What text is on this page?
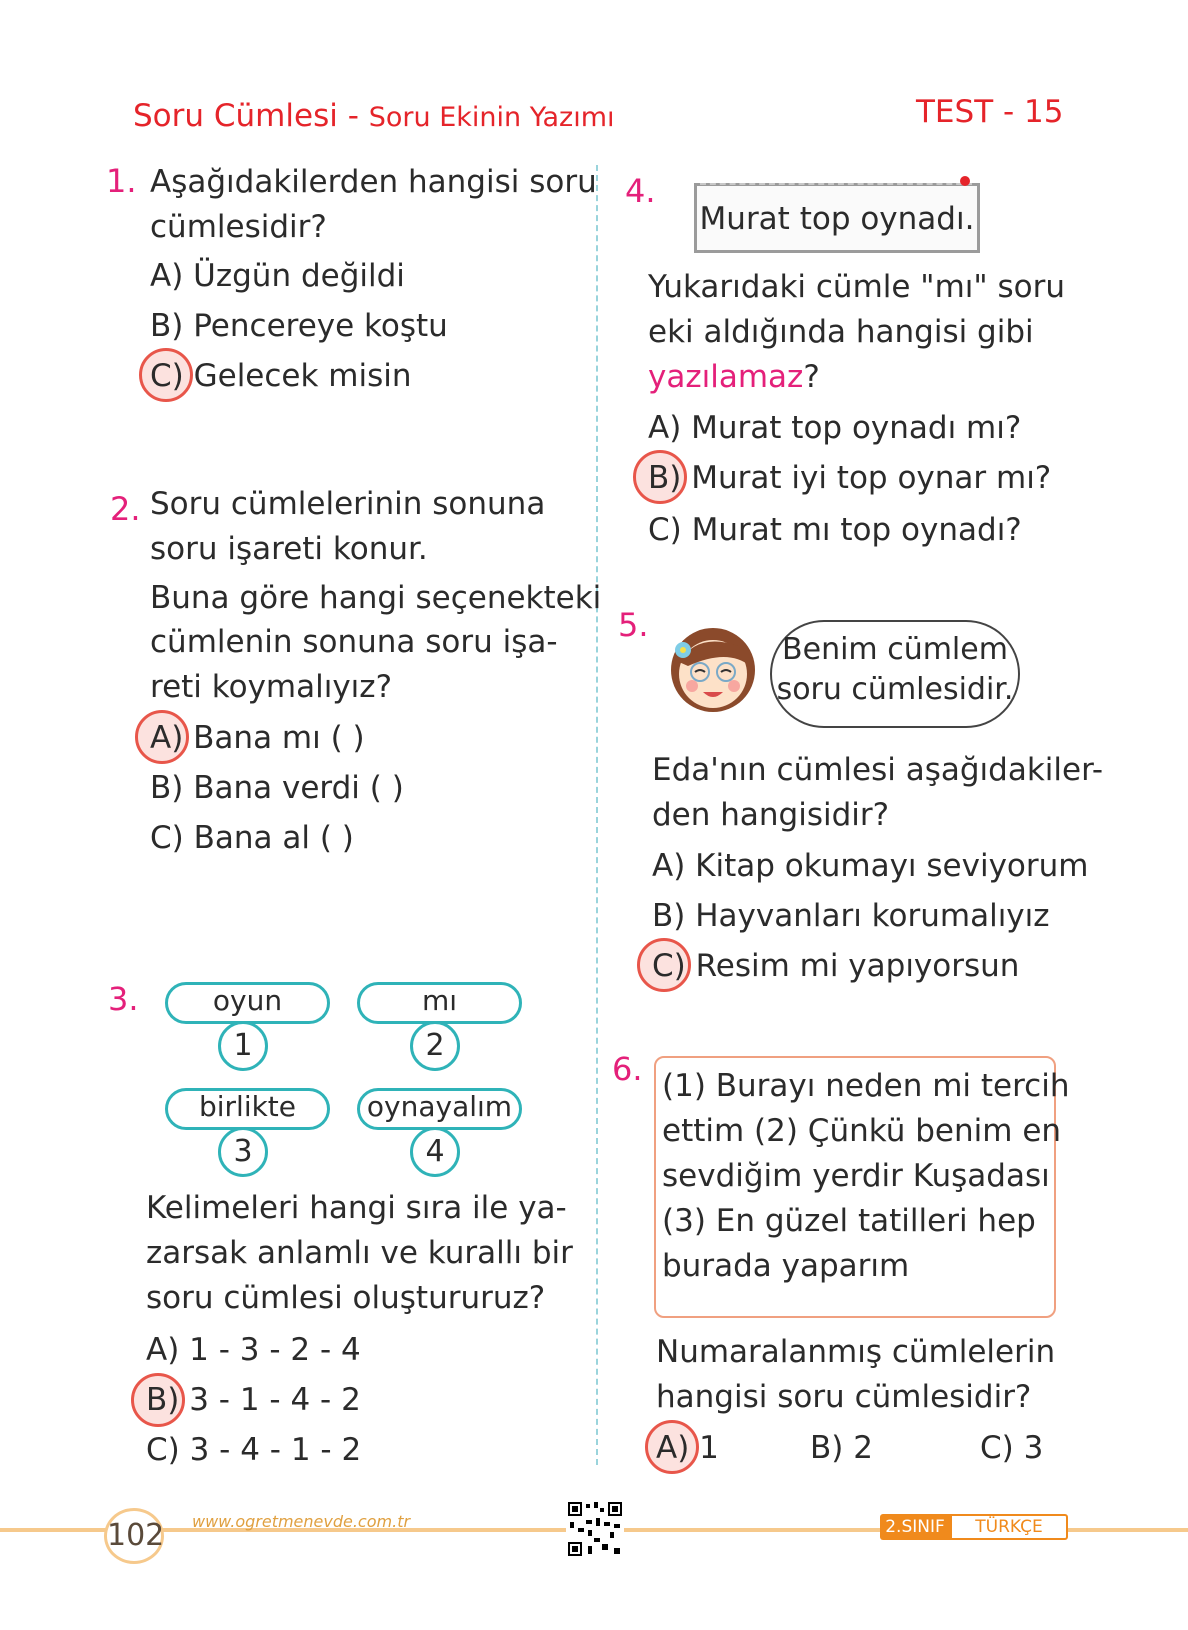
Soru Cümlesi - Soru Ekinin Yazımı	TEST - 15
1. Aşağıdakilerden hangisi soru
cümlesidir?
A) Üzgün değildi
B) Pencereye koştu
C) Gelecek misin
2. Soru cümlelerinin sonuna
soru işareti konur.
Buna göre hangi seçenekteki
cümlenin sonuna soru işa-
reti koymalıyız?
A) Bana mı ( )
B) Bana verdi ( )
C) Bana al ( )
3.	oyun
1
mı
2
birlikte
3
oynayalım
4
Kelimeleri hangi sıra ile ya-
zarsak anlamlı ve kurallı bir
soru cümlesi oluştururuz?
A) 1 - 3 - 2 - 4
B) 3 - 1 - 4 - 2
C) 3 - 4 - 1 - 2
4.
Murat top oynadı.
Yukarıdaki cümle "mı" soru
eki aldığında hangisi gibi
yazılamaz?
A) Murat top oynadı mı?
B) Murat iyi top oynar mı?
C) Murat mı top oynadı?
5.
Benim cümlem
soru cümlesidir.
Eda'nın cümlesi aşağıdakiler-
den hangisidir?
A) Kitap okumayı seviyorum
B) Hayvanları korumalıyız
C) Resim mi yapıyorsun
6. (1) Burayı neden mi tercih
ettim (2) Çünkü benim en
sevdiğim yerdir Kuşadası
(3) En güzel tatilleri hep
burada yaparım
Numaralanmış cümlelerin
hangisi soru cümlesidir?
A) 1	B) 2	C) 3
102 www.ogretmenevde.com.tr	2.SINIF	TÜRKÇE
